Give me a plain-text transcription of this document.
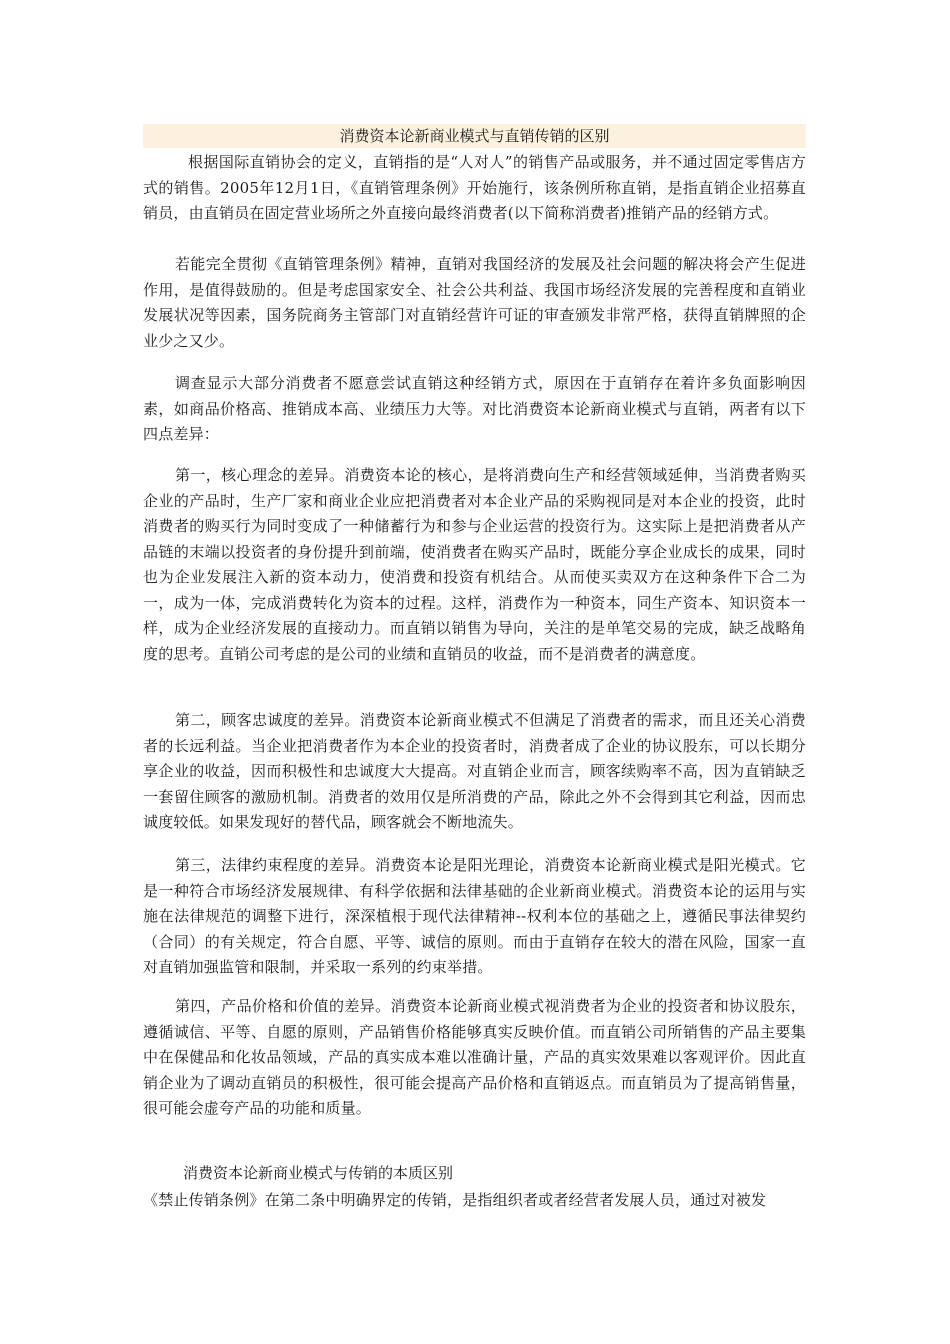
消费资本论新商业模式与直销传销的区别

根据国际直销协会的定义，直销指的是“人对人”的销售产品或服务，并不通过固定零售店方式的销售。2005年12月1日，《直销管理条例》开始施行，该条例所称直销，是指直销企业招募直销员，由直销员在固定营业场所之外直接向最终消费者(以下简称消费者)推销产品的经销方式。

若能完全贯彻《直销管理条例》精神，直销对我国经济的发展及社会问题的解决将会产生促进作用，是值得鼓励的。但是考虑国家安全、社会公共利益、我国市场经济发展的完善程度和直销业发展状况等因素，国务院商务主管部门对直销经营许可证的审查颁发非常严格，获得直销牌照的企业少之又少。

调查显示大部分消费者不愿意尝试直销这种经销方式，原因在于直销存在着许多负面影响因素，如商品价格高、推销成本高、业绩压力大等。对比消费资本论新商业模式与直销，两者有以下四点差异：

第一，核心理念的差异。消费资本论的核心，是将消费向生产和经营领域延伸，当消费者购买企业的产品时，生产厂家和商业企业应把消费者对本企业产品的采购视同是对本企业的投资，此时消费者的购买行为同时变成了一种储蓄行为和参与企业运营的投资行为。这实际上是把消费者从产品链的末端以投资者的身份提升到前端，使消费者在购买产品时，既能分享企业成长的成果，同时也为企业发展注入新的资本动力，使消费和投资有机结合。从而使买卖双方在这种条件下合二为一，成为一体，完成消费转化为资本的过程。这样，消费作为一种资本，同生产资本、知识资本一样，成为企业经济发展的直接动力。而直销以销售为导向，关注的是单笔交易的完成，缺乏战略角度的思考。直销公司考虑的是公司的业绩和直销员的收益，而不是消费者的满意度。

第二，顾客忠诚度的差异。消费资本论新商业模式不但满足了消费者的需求，而且还关心消费者的长远利益。当企业把消费者作为本企业的投资者时，消费者成了企业的协议股东，可以长期分享企业的收益，因而积极性和忠诚度大大提高。对直销企业而言，顾客续购率不高，因为直销缺乏一套留住顾客的激励机制。消费者的效用仅是所消费的产品，除此之外不会得到其它利益，因而忠诚度较低。如果发现好的替代品，顾客就会不断地流失。

第三，法律约束程度的差异。消费资本论是阳光理论，消费资本论新商业模式是阳光模式。它是一种符合市场经济发展规律、有科学依据和法律基础的企业新商业模式。消费资本论的运用与实施在法律规范的调整下进行，深深植根于现代法律精神--权利本位的基础之上，遵循民事法律契约（合同）的有关规定，符合自愿、平等、诚信的原则。而由于直销存在较大的潜在风险，国家一直对直销加强监管和限制，并采取一系列的约束举措。

第四，产品价格和价值的差异。消费资本论新商业模式视消费者为企业的投资者和协议股东，遵循诚信、平等、自愿的原则，产品销售价格能够真实反映价值。而直销公司所销售的产品主要集中在保健品和化妆品领域，产品的真实成本难以准确计量，产品的真实效果难以客观评价。因此直销企业为了调动直销员的积极性，很可能会提高产品价格和直销返点。而直销员为了提高销售量，很可能会虚夸产品的功能和质量。

消费资本论新商业模式与传销的本质区别

《禁止传销条例》在第二条中明确界定的传销，是指组织者或者经营者发展人员，通过对被发
